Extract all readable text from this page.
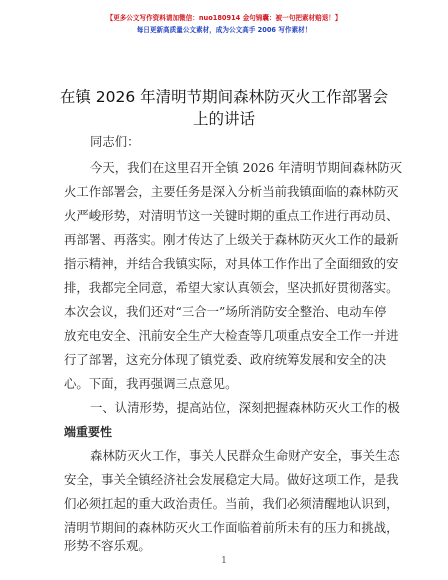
【更多公文写作资料请加微信：nuo180914 金句锦囊：被一句把素材赔退！】
每日更新高质量公文素材，成为公文高手 2006 写作素材！
在镇 2026 年清明节期间森林防灭火工作部署会
上的讲话
同志们：
今天，我们在这里召开全镇 2026 年清明节期间森林防灭
火工作部署会，主要任务是深入分析当前我镇面临的森林防灭
火严峻形势，对清明节这一关键时期的重点工作进行再动员、
再部署、再落实。刚才传达了上级关于森林防灭火工作的最新
指示精神，并结合我镇实际，对具体工作作出了全面细致的安
排，我都完全同意，希望大家认真领会，坚决抓好贯彻落实。
本次会议，我们还对“三合一”场所消防安全整治、电动车停
放充电安全、汛前安全生产大检查等几项重点安全工作一并进
行了部署，这充分体现了镇党委、政府统筹发展和安全的决
心。下面，我再强调三点意见。
一、认清形势，提高站位，深刻把握森林防灭火工作的极
端重要性
森林防灭火工作，事关人民群众生命财产安全，事关生态
安全，事关全镇经济社会发展稳定大局。做好这项工作，是我
们必须扛起的重大政治责任。当前，我们必须清醒地认识到，
清明节期间的森林防灭火工作面临着前所未有的压力和挑战，
形势不容乐观。
1
